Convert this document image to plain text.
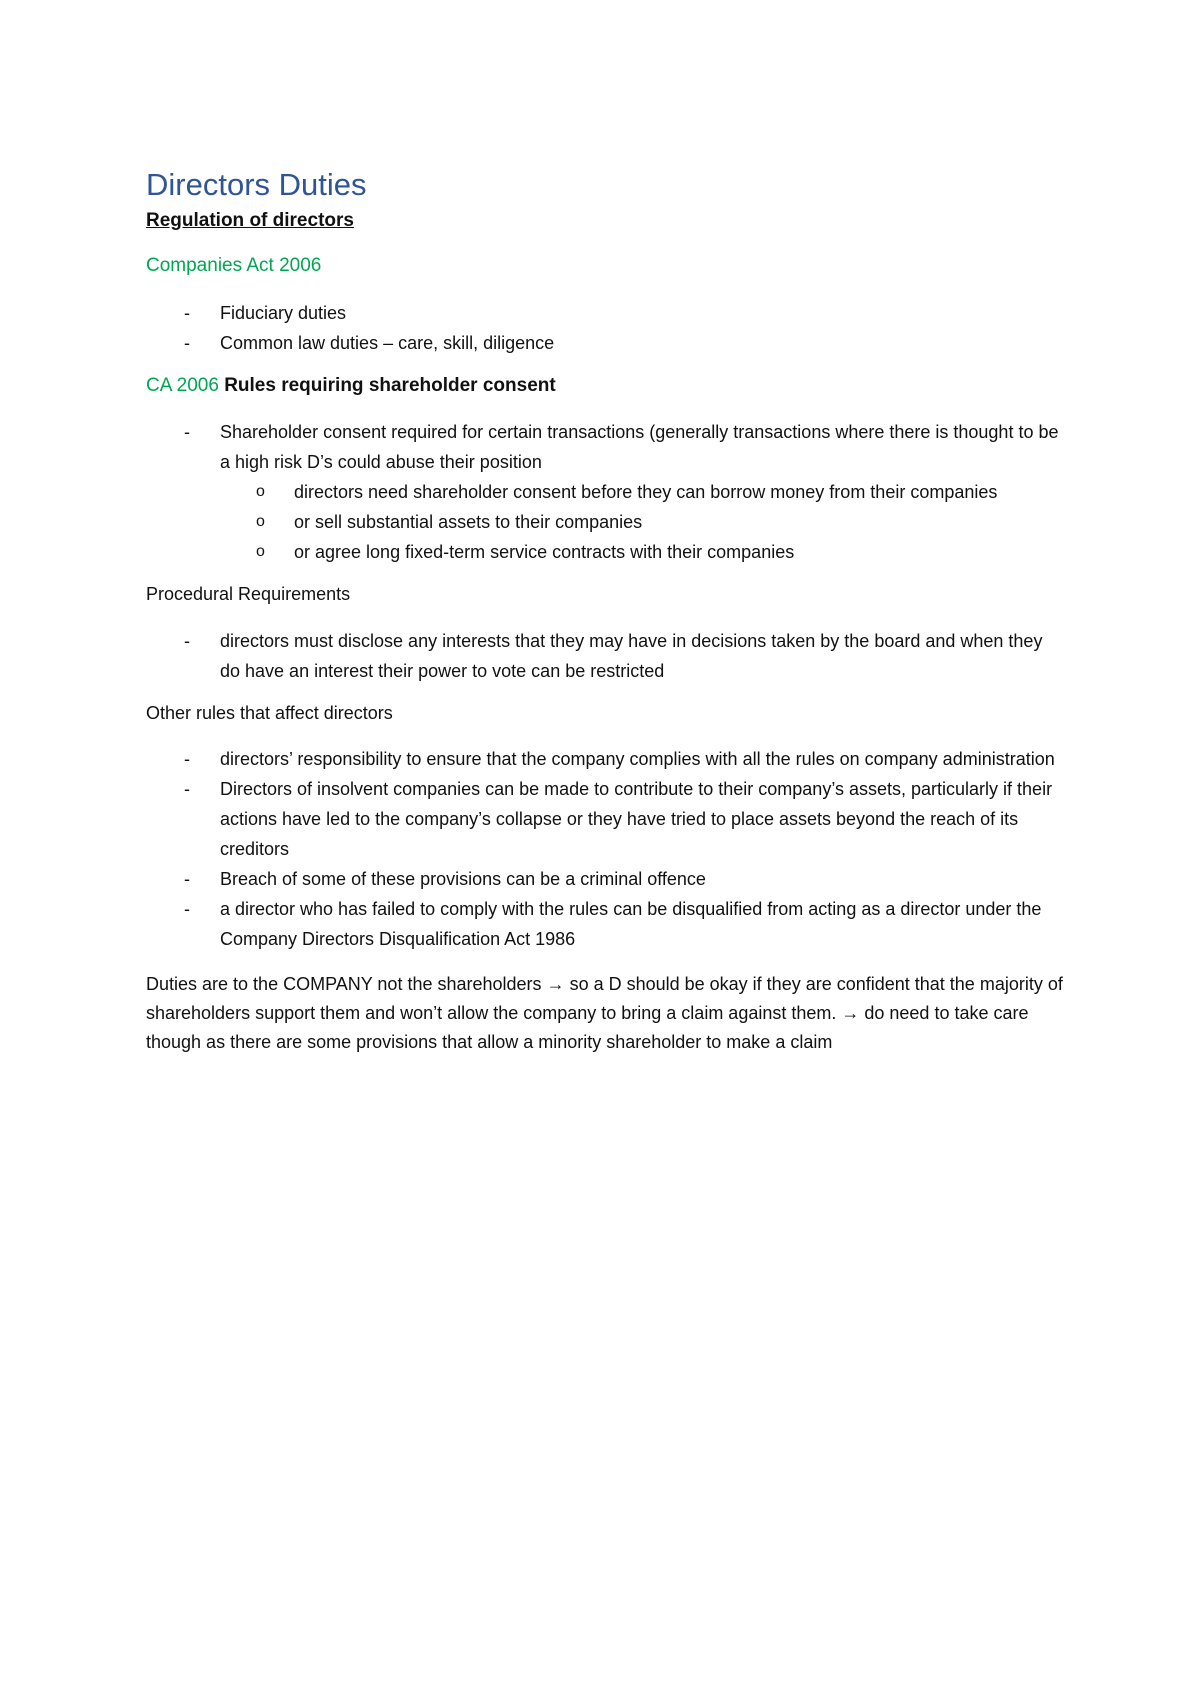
Directors Duties
Regulation of directors
Companies Act 2006
- Fiduciary duties
- Common law duties – care, skill, diligence
CA 2006 Rules requiring shareholder consent
- Shareholder consent required for certain transactions (generally transactions where there is thought to be a high risk D’s could abuse their position
o directors need shareholder consent before they can borrow money from their companies
o or sell substantial assets to their companies
o or agree long fixed-term service contracts with their companies
Procedural Requirements
- directors must disclose any interests that they may have in decisions taken by the board and when they do have an interest their power to vote can be restricted
Other rules that affect directors
- directors’ responsibility to ensure that the company complies with all the rules on company administration
- Directors of insolvent companies can be made to contribute to their company’s assets, particularly if their actions have led to the company’s collapse or they have tried to place assets beyond the reach of its creditors
- Breach of some of these provisions can be a criminal offence
- a director who has failed to comply with the rules can be disqualified from acting as a director under the Company Directors Disqualification Act 1986

Duties are to the COMPANY not the shareholders → so a D should be okay if they are confident that the majority of shareholders support them and won’t allow the company to bring a claim against them. → do need to take care though as there are some provisions that allow a minority shareholder to make a claim
